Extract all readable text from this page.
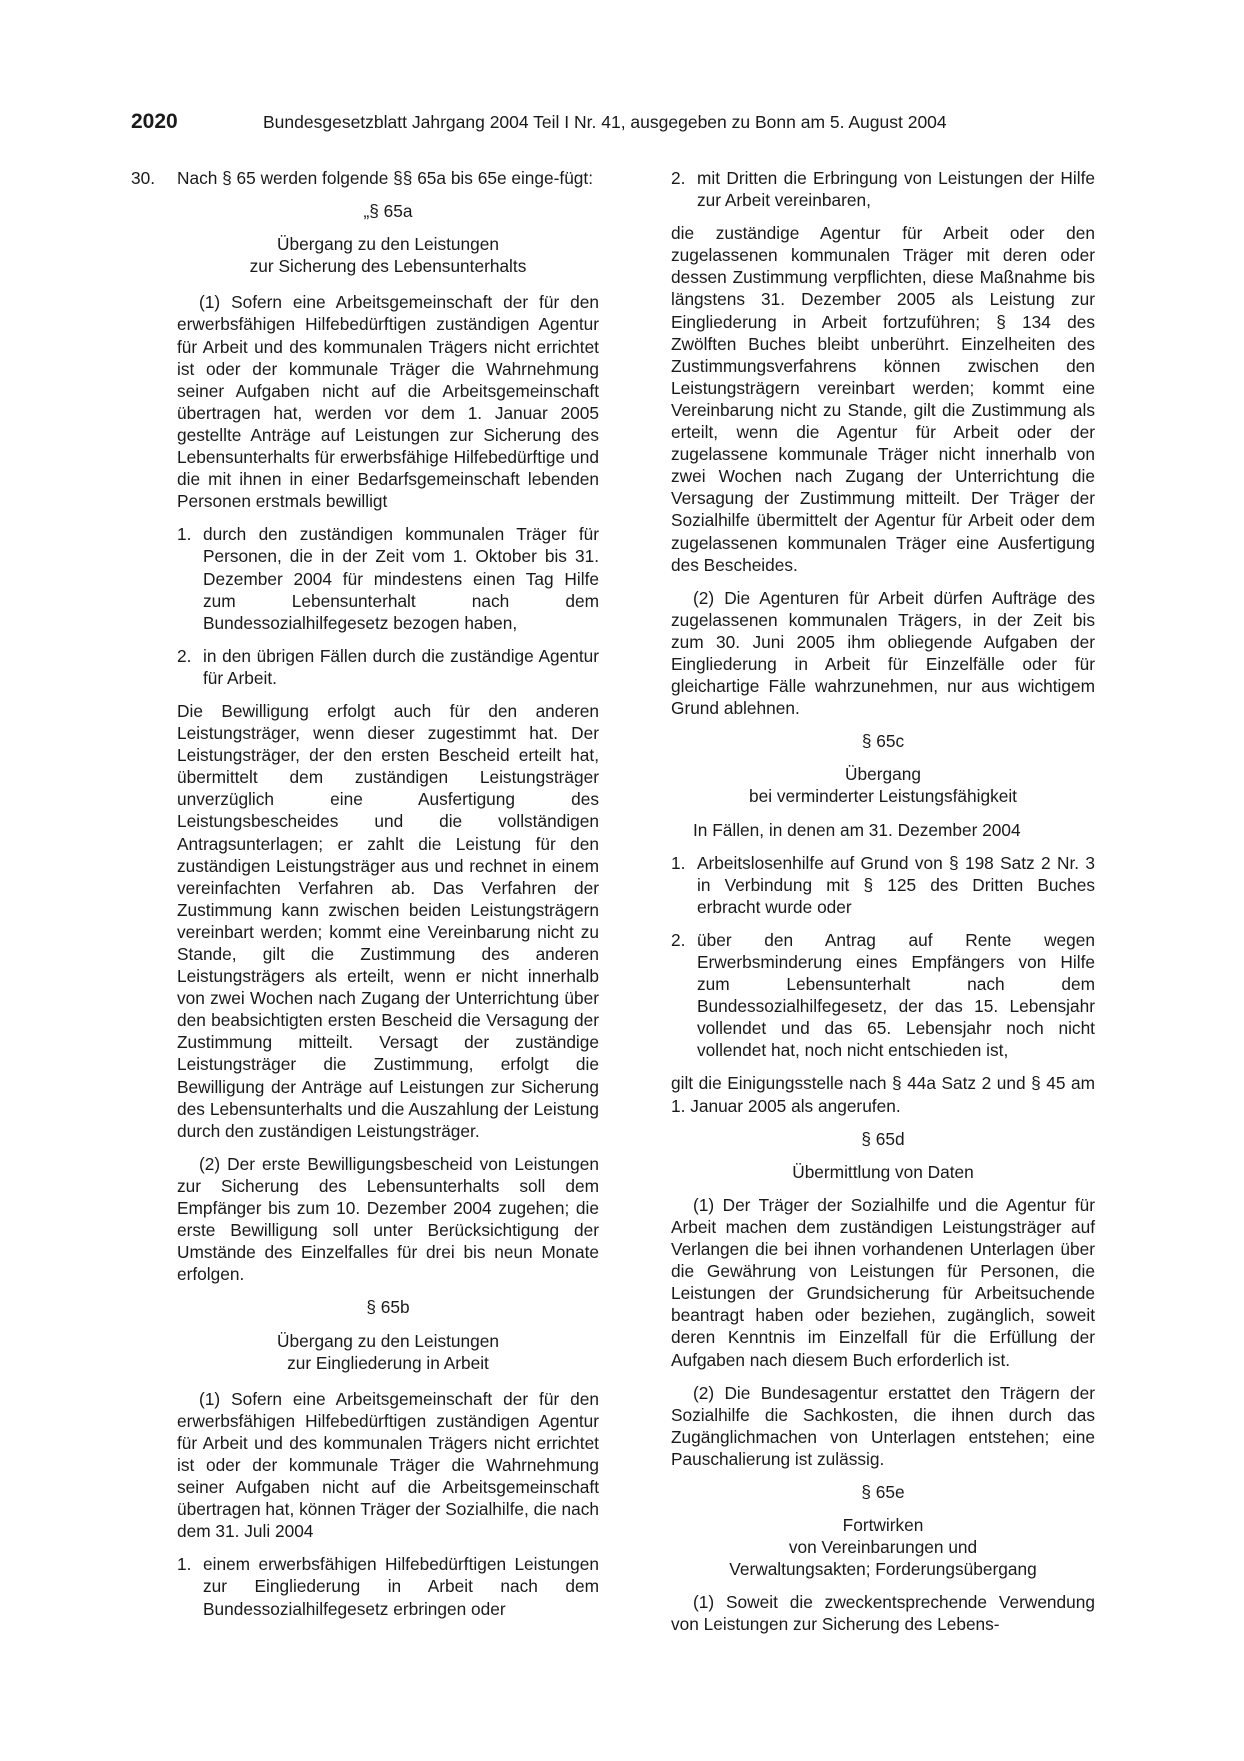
2020	Bundesgesetzblatt Jahrgang 2004 Teil I Nr. 41, ausgegeben zu Bonn am 5. August 2004
30. Nach § 65 werden folgende §§ 65a bis 65e einge-fügt:

„§ 65a

Übergang zu den Leistungen
zur Sicherung des Lebensunterhalts

(1) Sofern eine Arbeitsgemeinschaft der für den erwerbsfähigen Hilfebedürftigen zuständigen Agentur für Arbeit und des kommunalen Trägers nicht errichtet ist oder der kommunale Träger die Wahrnehmung seiner Aufgaben nicht auf die Arbeitsgemeinschaft übertragen hat, werden vor dem 1. Januar 2005 gestellte Anträge auf Leistungen zur Sicherung des Lebensunterhalts für erwerbsfähige Hilfebedürftige und die mit ihnen in einer Bedarfsgemeinschaft lebenden Personen erstmals bewilligt

1. durch den zuständigen kommunalen Träger für Personen, die in der Zeit vom 1. Oktober bis 31. Dezember 2004 für mindestens einen Tag Hilfe zum Lebensunterhalt nach dem Bundessozialhilfegesetz bezogen haben,
2. in den übrigen Fällen durch die zuständige Agentur für Arbeit.

Die Bewilligung erfolgt auch für den anderen Leistungsträger, wenn dieser zugestimmt hat. Der Leistungsträger, der den ersten Bescheid erteilt hat, übermittelt dem zuständigen Leistungsträger unverzüglich eine Ausfertigung des Leistungsbescheides und die vollständigen Antragsunterlagen; er zahlt die Leistung für den zuständigen Leistungsträger aus und rechnet in einem vereinfachten Verfahren ab. Das Verfahren der Zustimmung kann zwischen beiden Leistungsträgern vereinbart werden; kommt eine Vereinbarung nicht zu Stande, gilt die Zustimmung des anderen Leistungsträgers als erteilt, wenn er nicht innerhalb von zwei Wochen nach Zugang der Unterrichtung über den beabsichtigten ersten Bescheid die Versagung der Zustimmung mitteilt. Versagt der zuständige Leistungsträger die Zustimmung, erfolgt die Bewilligung der Anträge auf Leistungen zur Sicherung des Lebensunterhalts und die Auszahlung der Leistung durch den zuständigen Leistungsträger.

(2) Der erste Bewilligungsbescheid von Leistungen zur Sicherung des Lebensunterhalts soll dem Empfänger bis zum 10. Dezember 2004 zugehen; die erste Bewilligung soll unter Berücksichtigung der Umstände des Einzelfalles für drei bis neun Monate erfolgen.

§ 65b

Übergang zu den Leistungen
zur Eingliederung in Arbeit

(1) Sofern eine Arbeitsgemeinschaft der für den erwerbsfähigen Hilfebedürftigen zuständigen Agentur für Arbeit und des kommunalen Trägers nicht errichtet ist oder der kommunale Träger die Wahrnehmung seiner Aufgaben nicht auf die Arbeitsgemeinschaft übertragen hat, können Träger der Sozialhilfe, die nach dem 31. Juli 2004

1. einem erwerbsfähigen Hilfebedürftigen Leistungen zur Eingliederung in Arbeit nach dem Bundessozialhilfegesetz erbringen oder
2. mit Dritten die Erbringung von Leistungen der Hilfe zur Arbeit vereinbaren,

die zuständige Agentur für Arbeit oder den zugelassenen kommunalen Träger mit deren oder dessen Zustimmung verpflichten, diese Maßnahme bis längstens 31. Dezember 2005 als Leistung zur Eingliederung in Arbeit fortzuführen; § 134 des Zwölften Buches bleibt unberührt. Einzelheiten des Zustimmungsverfahrens können zwischen den Leistungsträgern vereinbart werden; kommt eine Vereinbarung nicht zu Stande, gilt die Zustimmung als erteilt, wenn die Agentur für Arbeit oder der zugelassene kommunale Träger nicht innerhalb von zwei Wochen nach Zugang der Unterrichtung die Versagung der Zustimmung mitteilt. Der Träger der Sozialhilfe übermittelt der Agentur für Arbeit oder dem zugelassenen kommunalen Träger eine Ausfertigung des Bescheides.

(2) Die Agenturen für Arbeit dürfen Aufträge des zugelassenen kommunalen Trägers, in der Zeit bis zum 30. Juni 2005 ihm obliegende Aufgaben der Eingliederung in Arbeit für Einzelfälle oder für gleichartige Fälle wahrzunehmen, nur aus wichtigem Grund ablehnen.

§ 65c

Übergang
bei verminderter Leistungsfähigkeit

In Fällen, in denen am 31. Dezember 2004

1. Arbeitslosenhilfe auf Grund von § 198 Satz 2 Nr. 3 in Verbindung mit § 125 des Dritten Buches erbracht wurde oder
2. über den Antrag auf Rente wegen Erwerbsminderung eines Empfängers von Hilfe zum Lebensunterhalt nach dem Bundessozialhilfegesetz, der das 15. Lebensjahr vollendet und das 65. Lebensjahr noch nicht vollendet hat, noch nicht entschieden ist,

gilt die Einigungsstelle nach § 44a Satz 2 und § 45 am 1. Januar 2005 als angerufen.

§ 65d

Übermittlung von Daten

(1) Der Träger der Sozialhilfe und die Agentur für Arbeit machen dem zuständigen Leistungsträger auf Verlangen die bei ihnen vorhandenen Unterlagen über die Gewährung von Leistungen für Personen, die Leistungen der Grundsicherung für Arbeitsuchende beantragt haben oder beziehen, zugänglich, soweit deren Kenntnis im Einzelfall für die Erfüllung der Aufgaben nach diesem Buch erforderlich ist.

(2) Die Bundesagentur erstattet den Trägern der Sozialhilfe die Sachkosten, die ihnen durch das Zugänglichmachen von Unterlagen entstehen; eine Pauschalierung ist zulässig.

§ 65e

Fortwirken
von Vereinbarungen und
Verwaltungsakten; Forderungsübergang

(1) Soweit die zweckentsprechende Verwendung von Leistungen zur Sicherung des Lebens-
